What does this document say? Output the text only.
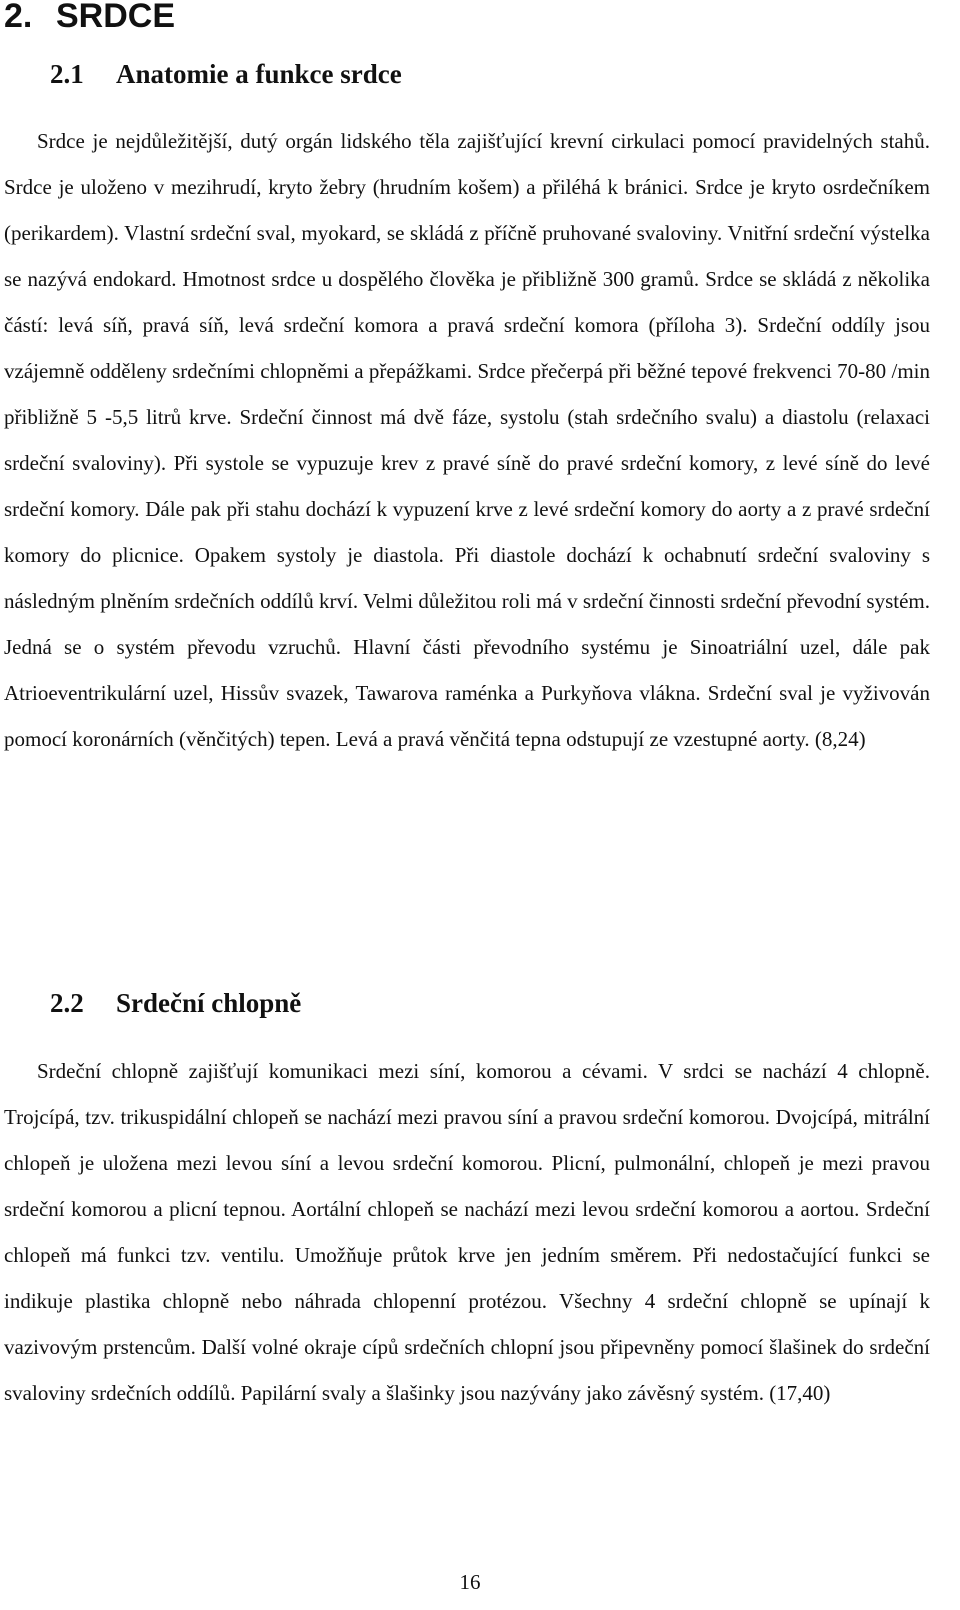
2. SRDCE
2.1 Anatomie a funkce srdce

Srdce je nejdůležitější, dutý orgán lidského těla zajišťující krevní cirkulaci pomocí pravidelných stahů. Srdce je uloženo v mezihrudí, kryto žebry (hrudním košem) a přiléhá k bránici. Srdce je kryto osrdečníkem (perikardem). Vlastní srdeční sval, myokard, se skládá z příčně pruhované svaloviny. Vnitřní srdeční výstelka se nazývá endokard. Hmotnost srdce u dospělého člověka je přibližně 300 gramů. Srdce se skládá z několika částí: levá síň, pravá síň, levá srdeční komora a pravá srdeční komora (příloha 3). Srdeční oddíly jsou vzájemně odděleny srdečními chlopněmi a přepážkami. Srdce přečerpá při běžné tepové frekvenci 70-80 /min přibližně 5 -5,5 litrů krve. Srdeční činnost má dvě fáze, systolu (stah srdečního svalu) a diastolu (relaxaci srdeční svaloviny). Při systole se vypuzuje krev z pravé síně do pravé srdeční komory, z levé síně do levé srdeční komory. Dále pak při stahu dochází k vypuzení krve z levé srdeční komory do aorty a z pravé srdeční komory do plicnice. Opakem systoly je diastola. Při diastole dochází k ochabnutí srdeční svaloviny s následným plněním srdečních oddílů krví. Velmi důležitou roli má v srdeční činnosti srdeční převodní systém. Jedná se o systém převodu vzruchů. Hlavní části převodního systému je Sinoatriální uzel, dále pak Atrioeventrikulární uzel, Hissův svazek, Tawarova raménka a Purkyňova vlákna. Srdeční sval je vyživován pomocí koronárních (věnčitých) tepen. Levá a pravá věnčitá tepna odstupují ze vzestupné aorty. (8,24)

2.2 Srdeční chlopně

Srdeční chlopně zajišťují komunikaci mezi síní, komorou a cévami. V srdci se nachází 4 chlopně. Trojcípá, tzv. trikuspidální chlopeň se nachází mezi pravou síní a pravou srdeční komorou. Dvojcípá, mitrální chlopeň je uložena mezi levou síní a levou srdeční komorou. Plicní, pulmonální, chlopeň je mezi pravou srdeční komorou a plicní tepnou. Aortální chlopeň se nachází mezi levou srdeční komorou a aortou. Srdeční chlopeň má funkci tzv. ventilu. Umožňuje průtok krve jen jedním směrem. Při nedostačující funkci se indikuje plastika chlopně nebo náhrada chlopenní protézou. Všechny 4 srdeční chlopně se upínají k vazivovým prstencům. Další volné okraje cípů srdečních chlopní jsou připevněny pomocí šlašinek do srdeční svaloviny srdečních oddílů. Papilární svaly a šlašinky jsou nazývány jako závěsný systém. (17,40)

16
